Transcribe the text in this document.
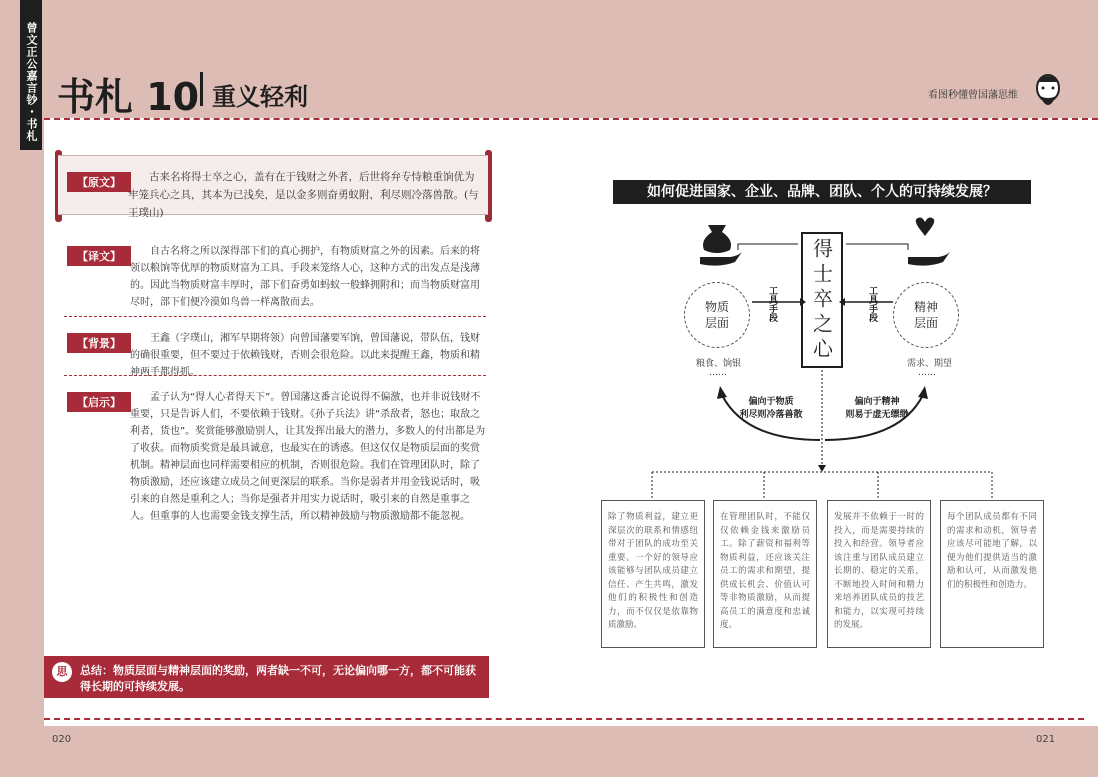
曾文正公嘉言钞・书札 书札 10 重义轻利	看图秒懂曾国藩思维
【原文】	古来名将得士卒之心，盖有在于钱财之外者，后世将弁专恃粮重饷优为牢笼兵心之具，其本为已浅矣，是以金多则奋勇蚁附，利尽则冷落兽散。(与王璞山)
【译文】	自古名将之所以深得部下们的真心拥护，有物质财富之外的因素。后来的将领以粮饷等优厚的物质财富为工具、手段来笼络人心，这种方式的出发点是浅薄的。因此当物质财富丰厚时，部下们奋勇如蚂蚁一般蜂拥附和；而当物质财富用尽时，部下们便冷漠如鸟兽一样离散而去。
【背景】	王鑫（字璞山，湘军早期将领）向曾国藩要军饷，曾国藩说，带队伍，钱财的确很重要，但不要过于依赖钱财，否则会很危险。以此来提醒王鑫，物质和精神两手都得抓。
【启示】	孟子认为“得人心者得天下”。曾国藩这番言论说得不偏激，也并非说钱财不重要，只是告诉人们，不要依赖于钱财。《孙子兵法》讲“杀敌者，怒也；取敌之利者，货也”。奖赏能够激励别人，让其发挥出最大的潜力，多数人的付出都是为了收获。而物质奖赏是最具诚意，也最实在的诱惑。但这仅仅是物质层面的奖赏机制。精神层面也同样需要相应的机制，否则很危险。我们在管理团队时，除了物质激励，还应该建立成员之间更深层的联系。当你是弱者并用金钱说话时，吸引来的自然是重利之人；当你是强者并用实力说话时，吸引来的自然是重事之人。但重事的人也需要金钱支撑生活，所以精神鼓励与物质激励都不能忽视。
总结：物质层面与精神层面的奖励，两者缺一不可，无论偏向哪一方，都不可能获得长期的可持续发展。
思
020	021
如何促进国家、企业、品牌、团队、个人的可持续发展？
得士卒之心
物质层面
精神层面
工具手段	工具手段
粮食、饷银	需求、期望
……	……
偏向于物质
利尽则冷落兽散
偏向于精神
则易于虚无缥缈
除了物质利益，建立更深层次的联系和情感纽带对于团队的成功至关重要。一个好的领导应该能够与团队成员建立信任、产生共鸣，激发他们的积极性和创造力，而不仅仅是依靠物质激励。
在管理团队时，不能仅仅依赖金钱来激励员工。除了薪资和福利等物质利益，还应该关注员工的需求和期望，提供成长机会、价值认可等非物质激励，从而提高员工的满意度和忠诚度。
发展并不依赖于一时的投入，而是需要持续的投入和经营。领导者应该注重与团队成员建立长期的、稳定的关系，不断地投入时间和精力来培养团队成员的技艺和能力，以实现可持续的发展。
每个团队成员都有不同的需求和动机，领导者应该尽可能地了解，以便为他们提供适当的激励和认可，从而激发他们的积极性和创造力。
